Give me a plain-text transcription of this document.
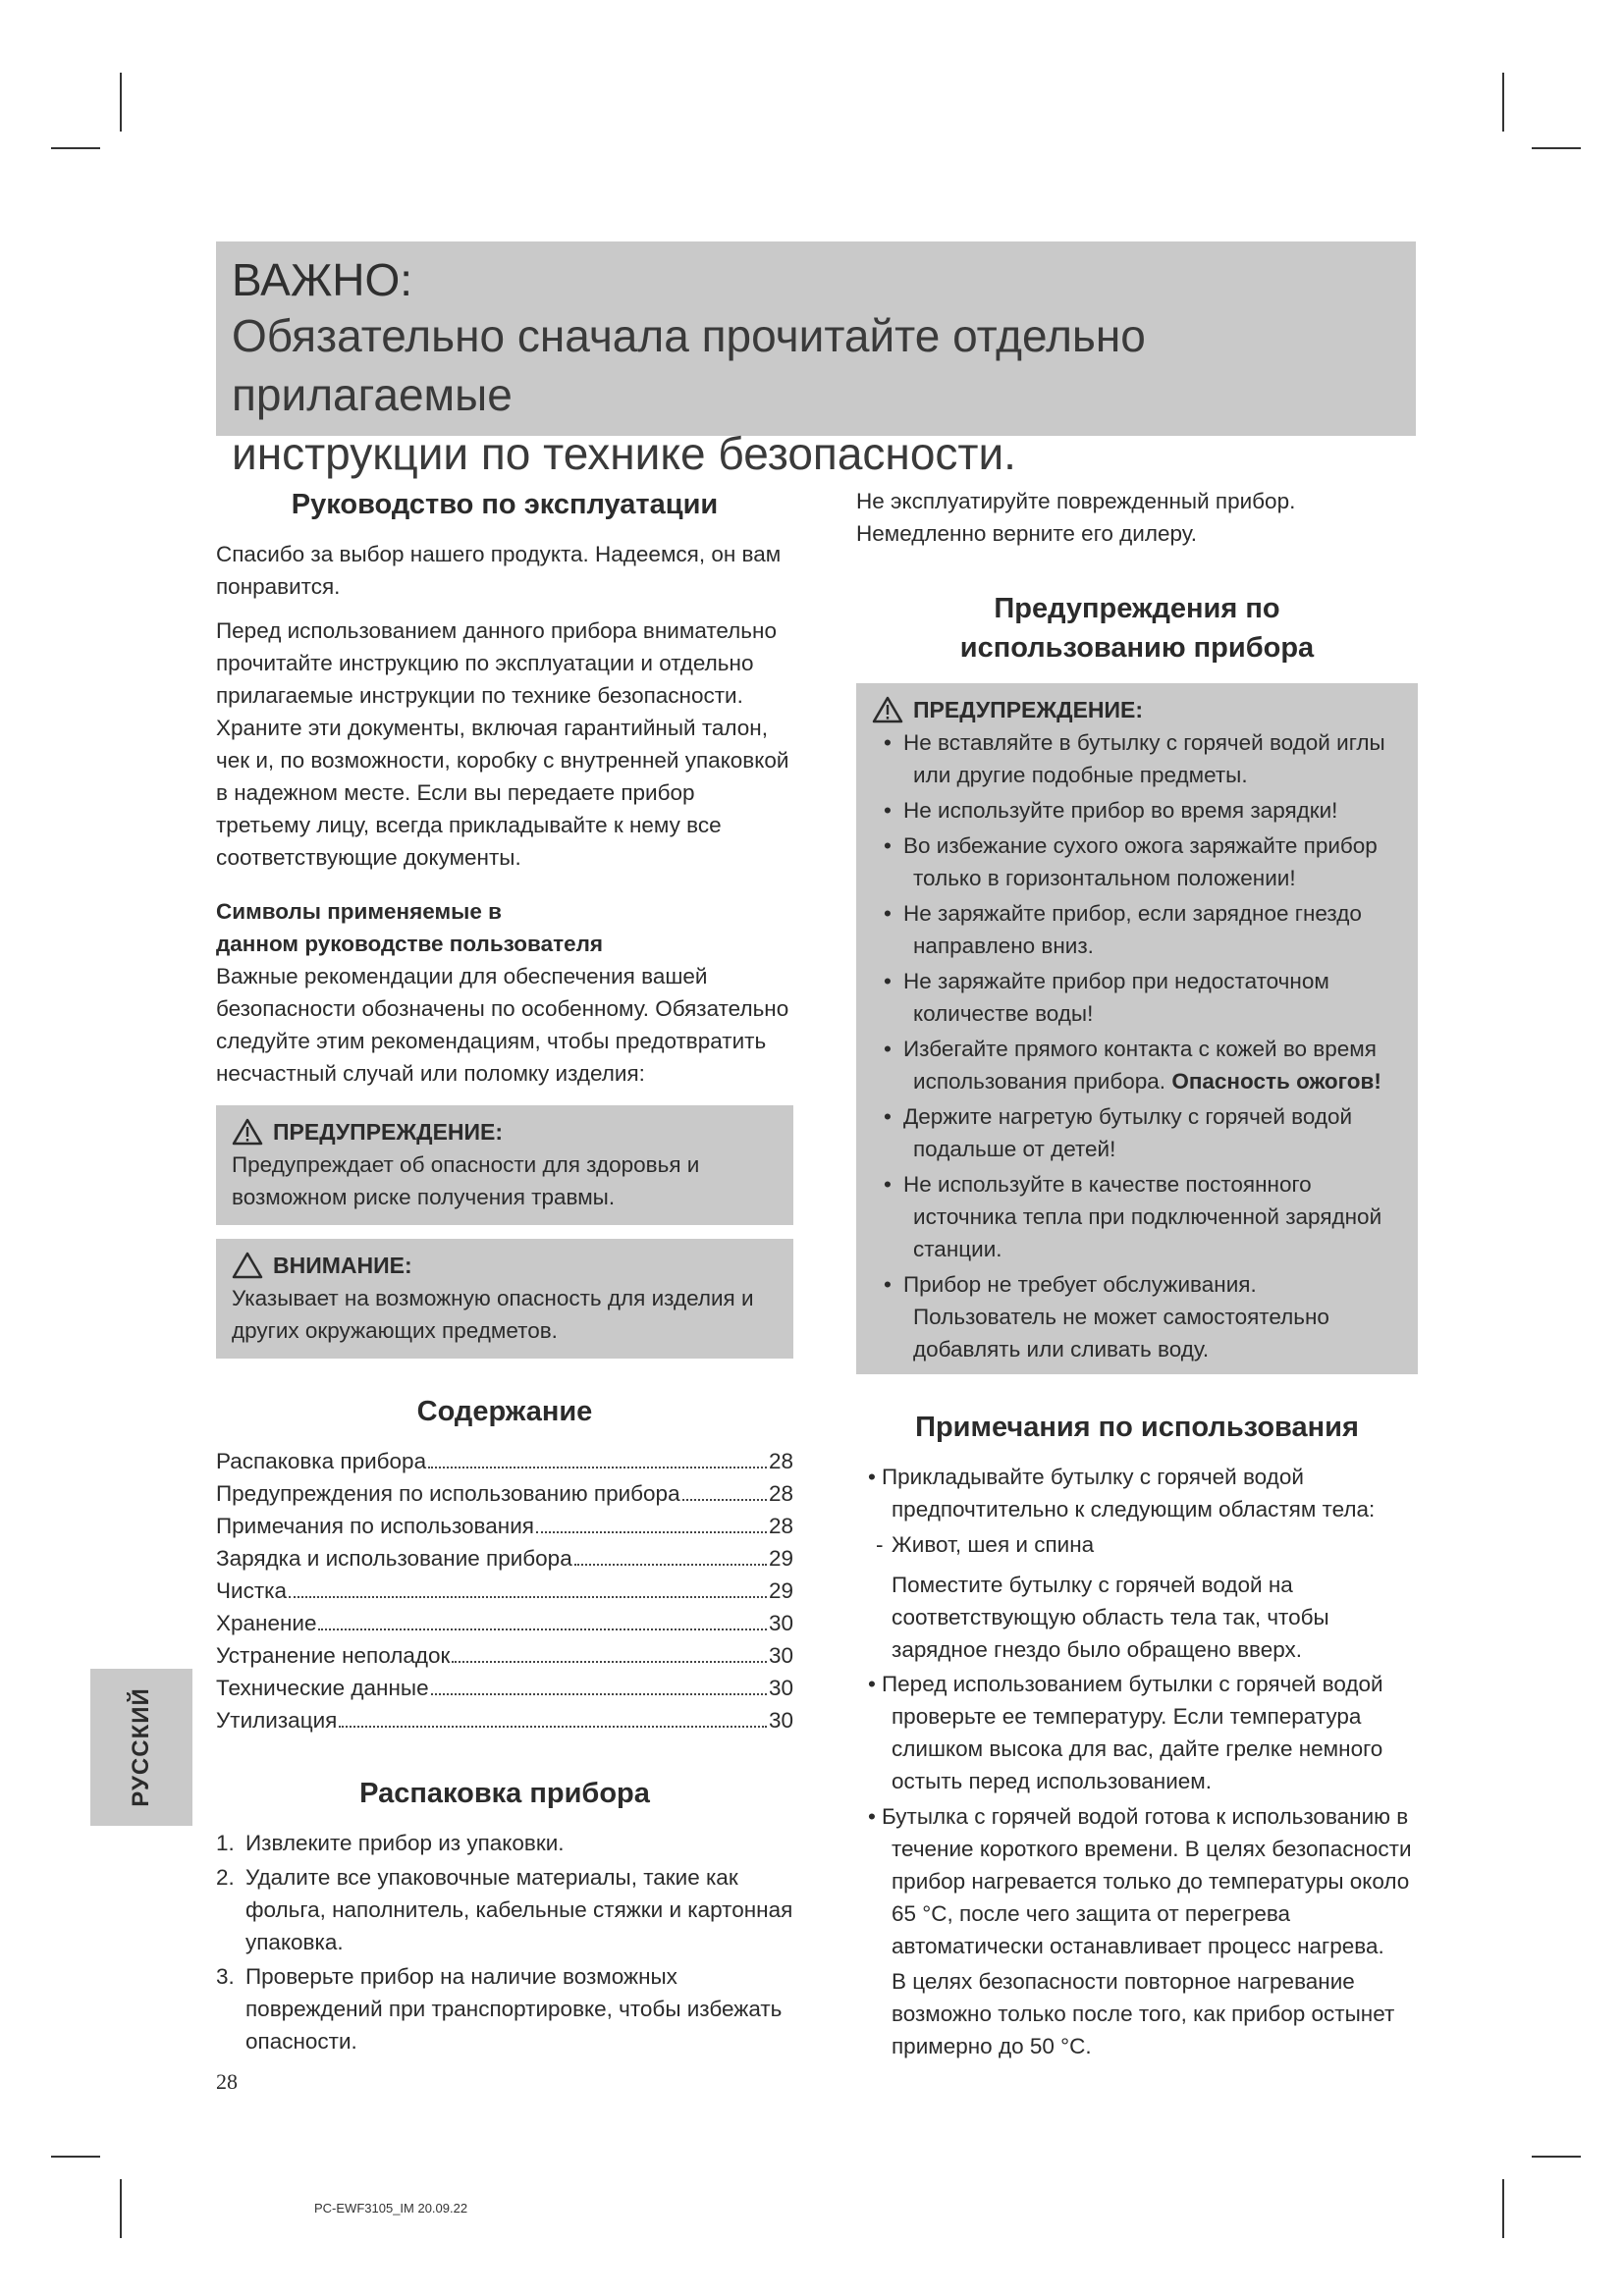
ВАЖНО:
Обязательно сначала прочитайте отдельно прилагаемые
инструкции по технике безопасности.
Руководство по эксплуатации

Спасибо за выбор нашего продукта. Надеемся, он вам понравится.

Перед использованием данного прибора внимательно прочитайте инструкцию по эксплуатации и отдельно прилагаемые инструкции по технике безопасности. Храните эти документы, включая гарантийный талон, чек и, по возможности, коробку с внутренней упаковкой в надежном месте. Если вы передаете прибор третьему лицу, всегда прикладывайте к нему все соответствующие документы.

Символы применяемые в
данном руководстве пользователя

Важные рекомендации для обеспечения вашей безопасности обозначены по особенному. Обязательно следуйте этим рекомендациям, чтобы предотвратить несчастный случай или поломку изделия:

ПРЕДУПРЕЖДЕНИЕ:
Предупреждает об опасности для здоровья и возможном риске получения травмы.
ВНИМАНИЕ:
Указывает на возможную опасность для изделия и других окружающих предметов.
Содержание
Распаковка прибора	28
Предупреждения по использованию прибора	28
Примечания по использования	28
Зарядка и использование прибора	29
Чистка	29
Хранение	30
Устранение неполадок	30
Технические данные	30
Утилизация	30
Распаковка прибора
1. Извлеките прибор из упаковки.
2. Удалите все упаковочные материалы, такие как фольга, наполнитель, кабельные стяжки и картонная упаковка.
3. Проверьте прибор на наличие возможных повреждений при транспортировке, чтобы избежать опасности.

Не эксплуатируйте поврежденный прибор. Немедленно верните его дилеру.

Предупреждения по
использованию прибора
ПРЕДУПРЕЖДЕНИЕ:
• Не вставляйте в бутылку с горячей водой иглы или другие подобные предметы.
• Не используйте прибор во время зарядки!
• Во избежание сухого ожога заряжайте прибор только в горизонтальном положении!
• Не заряжайте прибор, если зарядное гнездо направлено вниз.
• Не заряжайте прибор при недостаточном количестве воды!
• Избегайте прямого контакта с кожей во время использования прибора. Опасность ожогов!
• Держите нагретую бутылку с горячей водой подальше от детей!
• Не используйте в качестве постоянного источника тепла при подключенной зарядной станции.
• Прибор не требует обслуживания. Пользователь не может самостоятельно добавлять или сливать воду.
Примечания по использования
• Прикладывайте бутылку с горячей водой предпочтительно к следующим областям тела:
- Живот, шея и спина
Поместите бутылку с горячей водой на соответствующую область тела так, чтобы зарядное гнездо было обращено вверх.
• Перед использованием бутылки с горячей водой проверьте ее температуру. Если температура слишком высока для вас, дайте грелке немного остыть перед использованием.
• Бутылка с горячей водой готова к использованию в течение короткого времени. В целях безопасности прибор нагревается только до температуры около 65 °C, после чего защита от перегрева автоматически останавливает процесс нагрева.
В целях безопасности повторное нагревание возможно только после того, как прибор остынет примерно до 50 °C.
РУССКИЙ
28
PC-EWF3105_IM 20.09.22
